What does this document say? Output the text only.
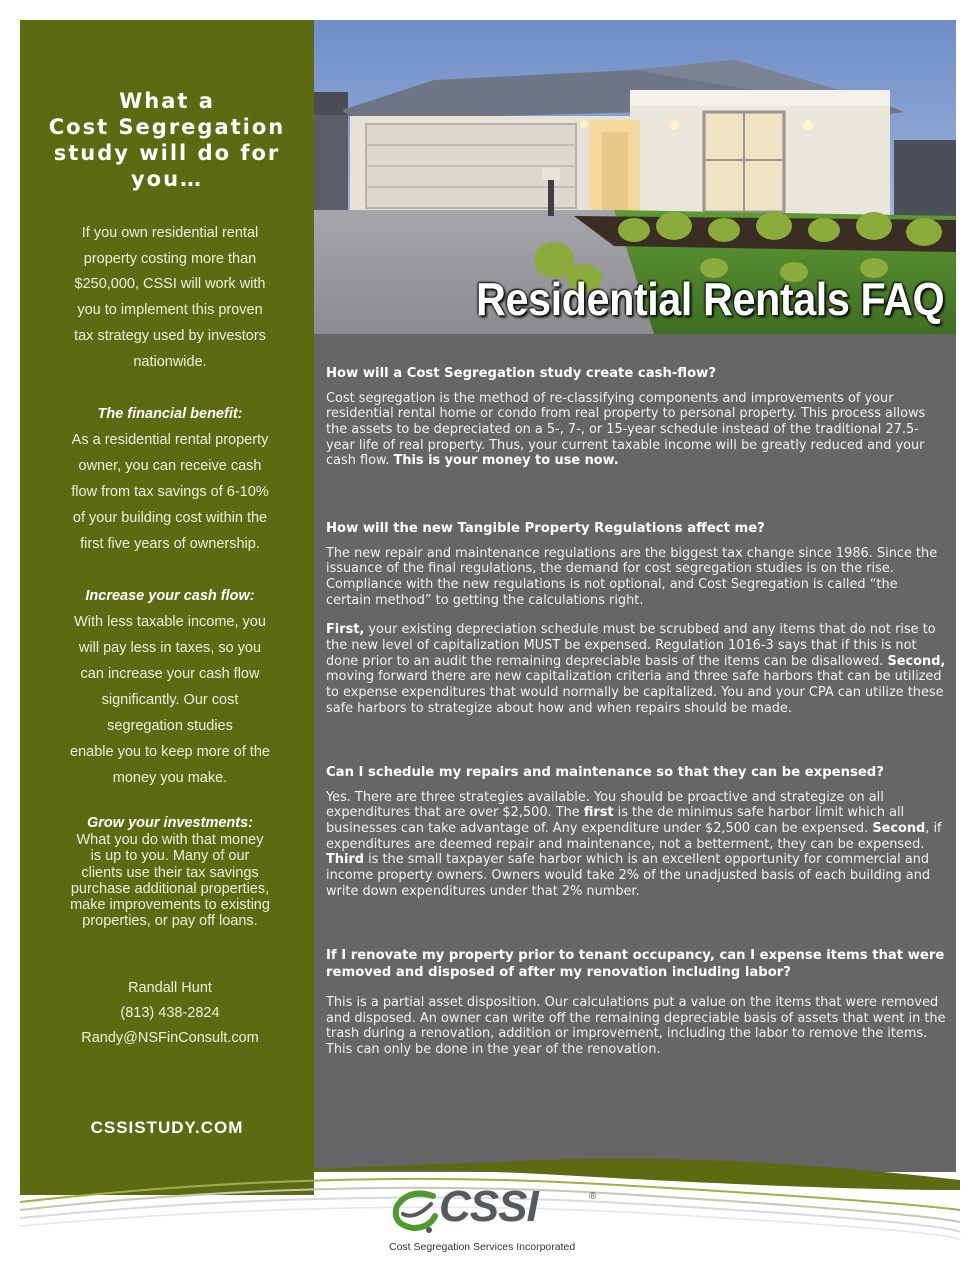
What a
Cost Segregation
study will do for
you…
If you own residential rental
property costing more than
$250,000, CSSI will work with
you to implement this proven
tax strategy used by investors
nationwide.
The financial benefit:
As a residential rental property
owner, you can receive cash
flow from tax savings of 6-10%
of your building cost within the
first five years of ownership.
Increase your cash flow:
With less taxable income, you
will pay less in taxes, so you
can increase your cash flow
significantly. Our cost
segregation studies
enable you to keep more of the
money you make.
Grow your investments:
What you do with that money
is up to you. Many of our
clients use their tax savings
purchase additional properties,
make improvements to existing
properties, or pay off loans.
Randall Hunt
(813) 438-2824
Randy@NSFinConsult.com
CSSISTUDY.COM
Residential Rentals FAQ
How will a Cost Segregation study create cash-flow?
Cost segregation is the method of re-classifying components and improvements of your residential rental home or condo from real property to personal property. This process allows the assets to be depreciated on a 5-, 7-, or 15-year schedule instead of the traditional 27.5-year life of real property. Thus, your current taxable income will be greatly reduced and your cash flow. This is your money to use now.
How will the new Tangible Property Regulations affect me?

The new repair and maintenance regulations are the biggest tax change since 1986. Since the issuance of the final regulations, the demand for cost segregation studies is on the rise. Compliance with the new regulations is not optional, and Cost Segregation is called “the certain method” to getting the calculations right.

First, your existing depreciation schedule must be scrubbed and any items that do not rise to the new level of capitalization MUST be expensed. Regulation 1016-3 says that if this is not done prior to an audit the remaining depreciable basis of the items can be disallowed. Second, moving forward there are new capitalization criteria and three safe harbors that can be utilized to expense expenditures that would normally be capitalized. You and your CPA can utilize these safe harbors to strategize about how and when repairs should be made.

Can I schedule my repairs and maintenance so that they can be expensed?
Yes. There are three strategies available. You should be proactive and strategize on all expenditures that are over $2,500. The first is the de minimus safe harbor limit which all businesses can take advantage of. Any expenditure under $2,500 can be expensed. Second, if expenditures are deemed repair and maintenance, not a betterment, they can be expensed. Third is the small taxpayer safe harbor which is an excellent opportunity for commercial and income property owners. Owners would take 2% of the unadjusted basis of each building and write down expenditures under that 2% number.
If I renovate my property prior to tenant occupancy, can I expense items that were removed and disposed of after my renovation including labor?
This is a partial asset disposition. Our calculations put a value on the items that were removed and disposed. An owner can write off the remaining depreciable basis of assets that went in the trash during a renovation, addition or improvement, including the labor to remove the items. This can only be done in the year of the renovation.
CSSI	®
Cost Segregation Services Incorporated
